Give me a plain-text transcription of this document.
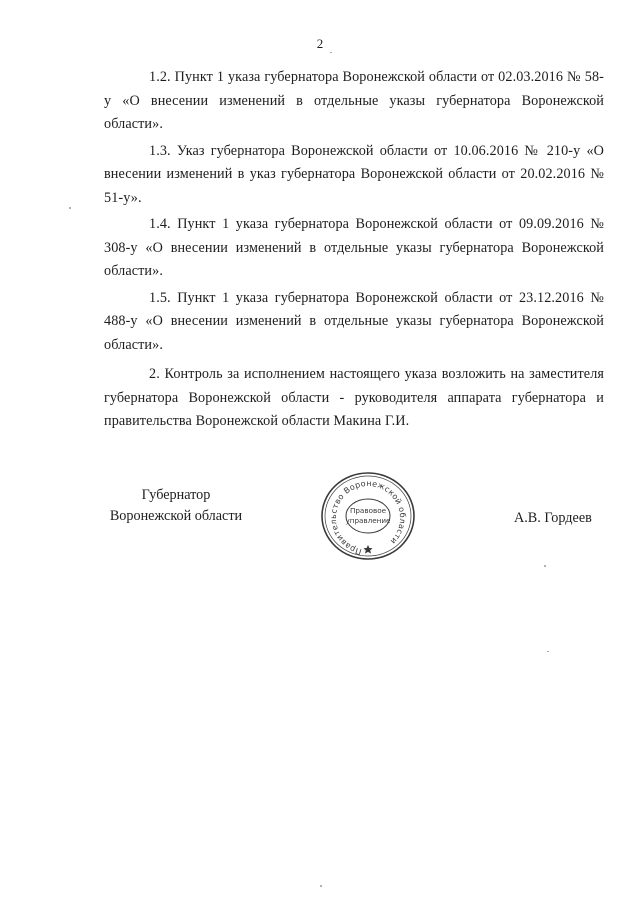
2

1.2. Пункт 1 указа губернатора Воронежской области от 02.03.2016 № 58-у «О внесении изменений в отдельные указы губернатора Воронежской области».

1.3. Указ губернатора Воронежской области от 10.06.2016 № 210-у «О внесении изменений в указ губернатора Воронежской области от 20.02.2016 № 51-у».

1.4. Пункт 1 указа губернатора Воронежской области от 09.09.2016 № 308-у «О внесении изменений в отдельные указы губернатора Воронежской области».

1.5. Пункт 1 указа губернатора Воронежской области от 23.12.2016 № 488-у «О внесении изменений в отдельные указы губернатора Воронежской области».

2. Контроль за исполнением настоящего указа возложить на заместителя губернатора Воронежской области - руководителя аппарата губернатора и правительства Воронежской области Макина Г.И.

Губернатор
Воронежской области
Правительство Воронежской области
Правовое
управление	А.В. Гордеев
